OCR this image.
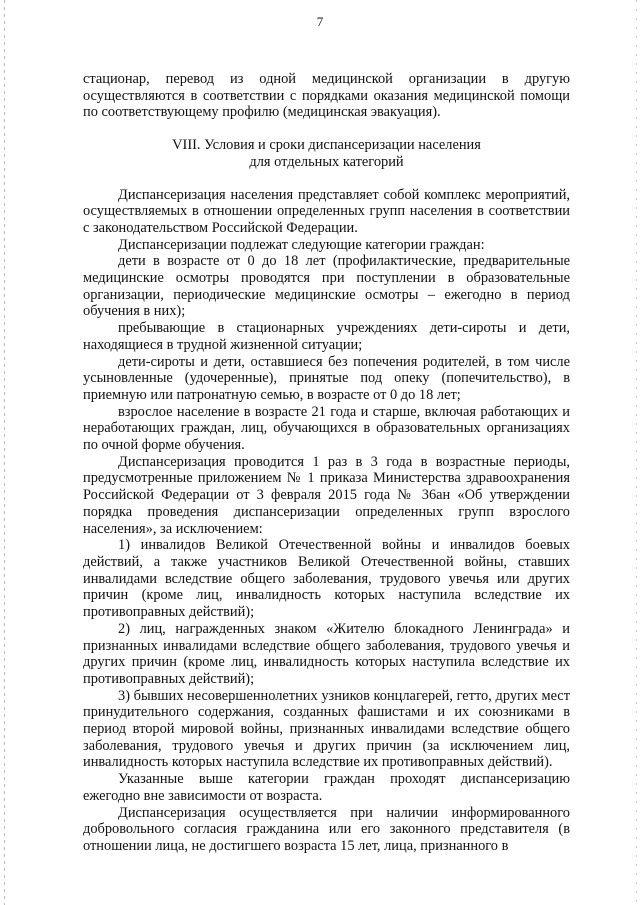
7

стационар, перевод из одной медицинской организации в другую осуществляются в соответствии с порядками оказания медицинской помощи по соответствующему профилю (медицинская эвакуация).

VIII. Условия и сроки диспансеризации населения

для отдельных категорий

Диспансеризация населения представляет собой комплекс мероприятий, осуществляемых в отношении определенных групп населения в соответствии с законодательством Российской Федерации.

Диспансеризации подлежат следующие категории граждан:

дети в возрасте от 0 до 18 лет (профилактические, предварительные медицинские осмотры проводятся при поступлении в образовательные организации, периодические медицинские осмотры – ежегодно в период обучения в них);

пребывающие в стационарных учреждениях дети-сироты и дети, находящиеся в трудной жизненной ситуации;

дети-сироты и дети, оставшиеся без попечения родителей, в том числе усыновленные (удочеренные), принятые под опеку (попечительство), в приемную или патронатную семью, в возрасте от 0 до 18 лет;

взрослое население в возрасте 21 года и старше, включая работающих и неработающих граждан, лиц, обучающихся в образовательных организациях по очной форме обучения.

Диспансеризация проводится 1 раз в 3 года в возрастные периоды, предусмотренные приложением № 1 приказа Министерства здравоохранения Российской Федерации от 3 февраля 2015 года № 36ан «Об утверждении порядка проведения диспансеризации определенных групп взрослого населения», за исключением:

1) инвалидов Великой Отечественной войны и инвалидов боевых действий, а также участников Великой Отечественной войны, ставших инвалидами вследствие общего заболевания, трудового увечья или других причин (кроме лиц, инвалидность которых наступила вследствие их противоправных действий);

2) лиц, награжденных знаком «Жителю блокадного Ленинграда» и признанных инвалидами вследствие общего заболевания, трудового увечья и других причин (кроме лиц, инвалидность которых наступила вследствие их противоправных действий);

3) бывших несовершеннолетних узников концлагерей, гетто, других мест принудительного содержания, созданных фашистами и их союзниками в период второй мировой войны, признанных инвалидами вследствие общего заболевания, трудового увечья и других причин (за исключением лиц, инвалидность которых наступила вследствие их противоправных действий).

Указанные выше категории граждан проходят диспансеризацию ежегодно вне зависимости от возраста.

Диспансеризация осуществляется при наличии информированного добровольного согласия гражданина или его законного представителя (в отношении лица, не достигшего возраста 15 лет, лица, признанного в
